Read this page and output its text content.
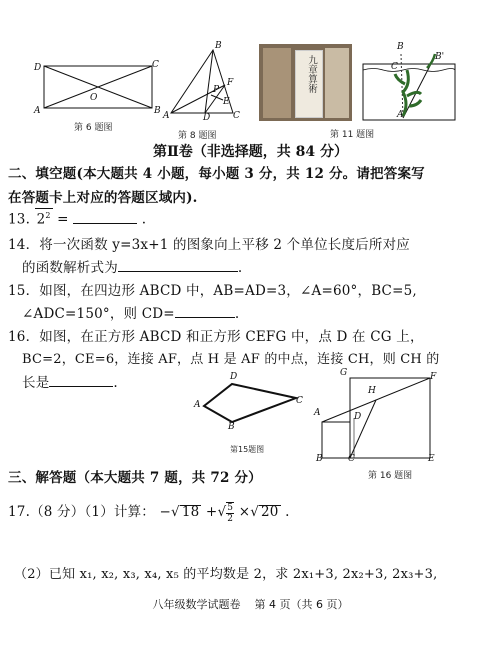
D	C
O
A	B
第 6 题图
B
F
P
E
A	D	C
第 8 题图
九章算術
B
B'
C
A
第 11 题图
第Ⅱ卷（非选择题，共 84 分）
二、填空题(本大题共 4 小题，每小题 3 分，共 12 分。请把答案写
在答题卡上对应的答题区域内).
13. $2^2$ =	.
14．将一次函数 y=3x+1 的图象向上平移 2 个单位长度后所对应
的函数解析式为	.
15．如图，在四边形 ABCD 中，AB=AD=3，∠A=60°，BC=5,
∠ADC=150°，则 CD=	.
16．如图，在正方形 ABCD 和正方形 CEFG 中，点 D 在 CG 上，
BC=2，CE=6，连接 AF，点 H 是 AF 的中点，连接 CH，则 CH 的
长是	.	D
A	C
B
第15题图
G	F
H
A	D
B	C	E
第 16 题图
三、解答题（本大题共 7 题，共 72 分）
17.（8 分）（1）计算： −√ 18 +√ $\frac{5}{2}$ ×√ 20 .
（2）已知 x₁, x₂, x₃, x₄, x₅ 的平均数是 2，求 2x₁+3, 2x₂+3, 2x₃+3,
八年级数学试题卷    第 4 页（共 6 页）
